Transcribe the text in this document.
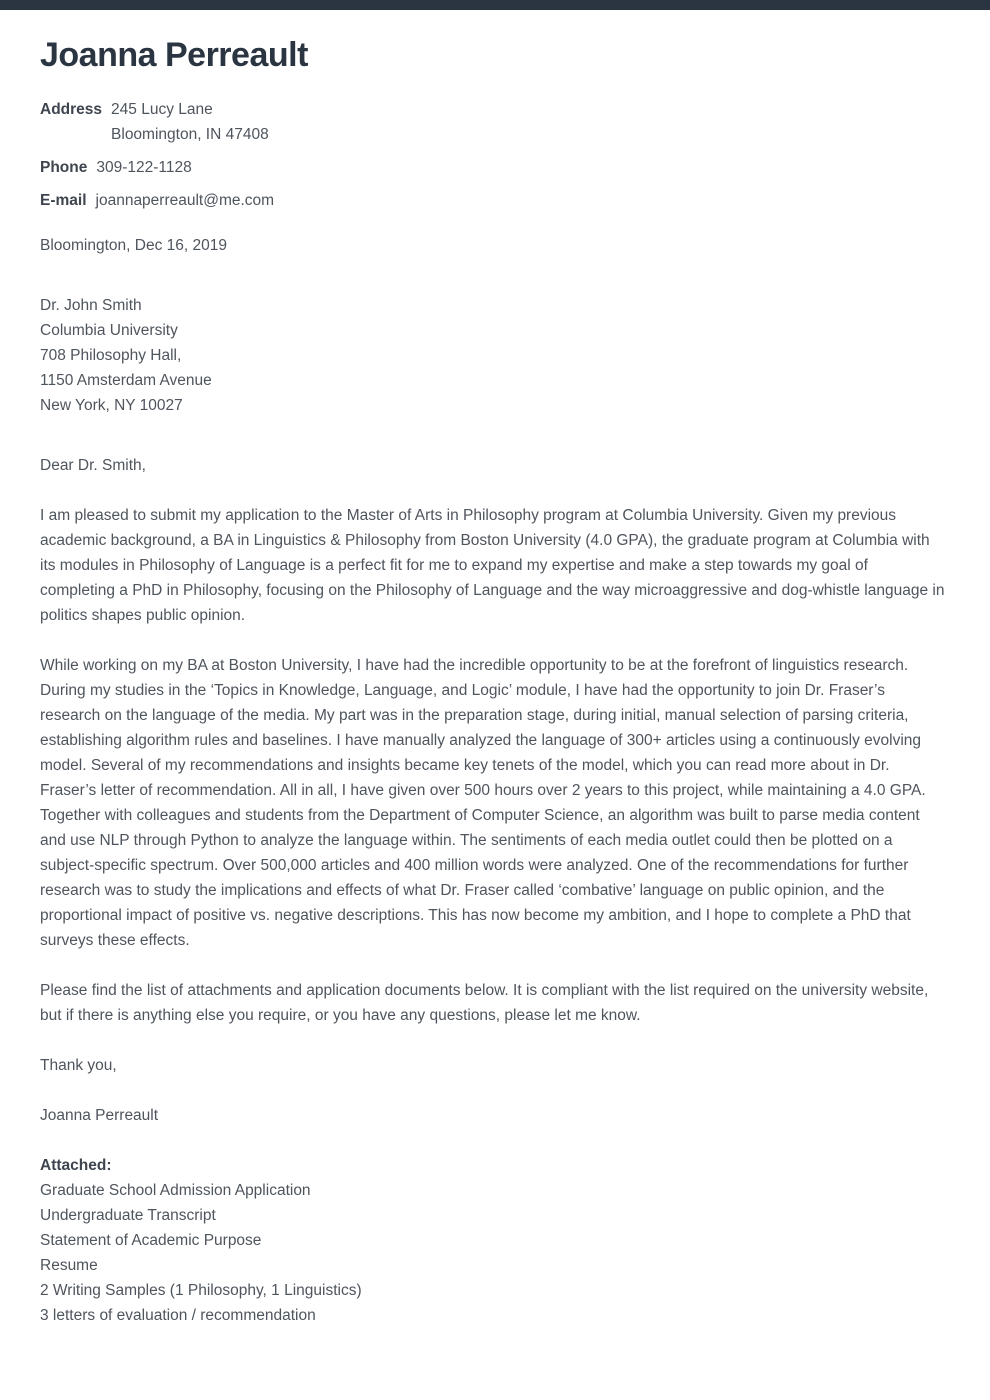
Joanna Perreault
Address 245 Lucy Lane
Bloomington, IN 47408
Phone 309-122-1128
E-mail joannaperreault@me.com

Bloomington, Dec 16, 2019

Dr. John Smith
Columbia University
708 Philosophy Hall,
1150 Amsterdam Avenue
New York, NY 10027

Dear Dr. Smith,

I am pleased to submit my application to the Master of Arts in Philosophy program at Columbia University. Given my previous academic background, a BA in Linguistics & Philosophy from Boston University (4.0 GPA), the graduate program at Columbia with its modules in Philosophy of Language is a perfect fit for me to expand my expertise and make a step towards my goal of completing a PhD in Philosophy, focusing on the Philosophy of Language and the way microaggressive and dog-whistle language in politics shapes public opinion.

While working on my BA at Boston University, I have had the incredible opportunity to be at the forefront of linguistics research. During my studies in the ‘Topics in Knowledge, Language, and Logic’ module, I have had the opportunity to join Dr. Fraser’s research on the language of the media. My part was in the preparation stage, during initial, manual selection of parsing criteria, establishing algorithm rules and baselines. I have manually analyzed the language of 300+ articles using a continuously evolving model. Several of my recommendations and insights became key tenets of the model, which you can read more about in Dr. Fraser’s letter of recommendation. All in all, I have given over 500 hours over 2 years to this project, while maintaining a 4.0 GPA. Together with colleagues and students from the Department of Computer Science, an algorithm was built to parse media content and use NLP through Python to analyze the language within. The sentiments of each media outlet could then be plotted on a subject-specific spectrum. Over 500,000 articles and 400 million words were analyzed. One of the recommendations for further research was to study the implications and effects of what Dr. Fraser called ‘combative’ language on public opinion, and the proportional impact of positive vs. negative descriptions. This has now become my ambition, and I hope to complete a PhD that surveys these effects.

Please find the list of attachments and application documents below. It is compliant with the list required on the university website, but if there is anything else you require, or you have any questions, please let me know.

Thank you,

Joanna Perreault

Attached:

Graduate School Admission Application
Undergraduate Transcript
Statement of Academic Purpose
Resume
2 Writing Samples (1 Philosophy, 1 Linguistics)
3 letters of evaluation / recommendation
